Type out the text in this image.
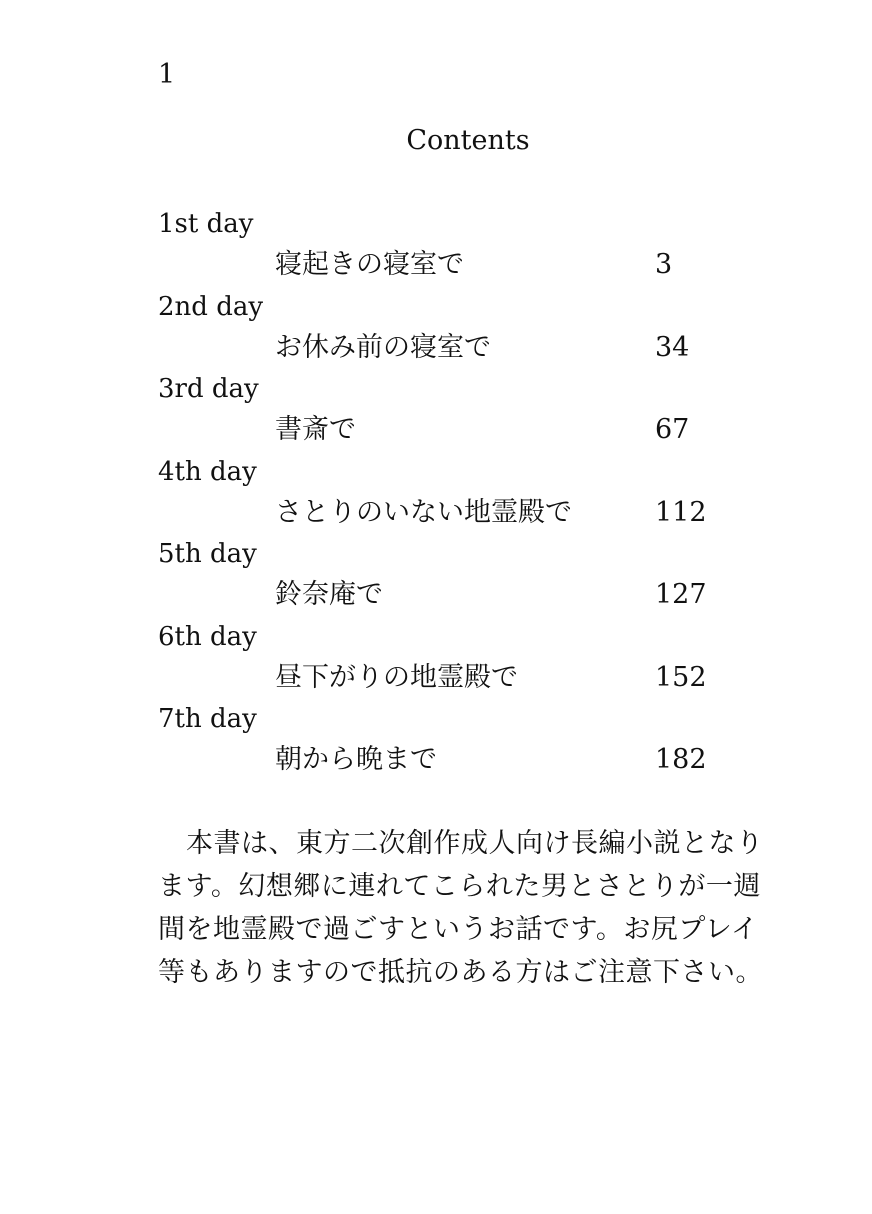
1
Contents
1st day
寝起きの寝室で	3
2nd day
お休み前の寝室で	34
3rd day
書斎で	67
4th day
さとりのいない地霊殿で	112
5th day
鈴奈庵で	127
6th day
昼下がりの地霊殿で	152
7th day
朝から晩まで	182

本書は、東方二次創作成人向け長編小説となります。幻想郷に連れてこられた男とさとりが一週間を地霊殿で過ごすというお話です。お尻プレイ等もありますので抵抗のある方はご注意下さい。
